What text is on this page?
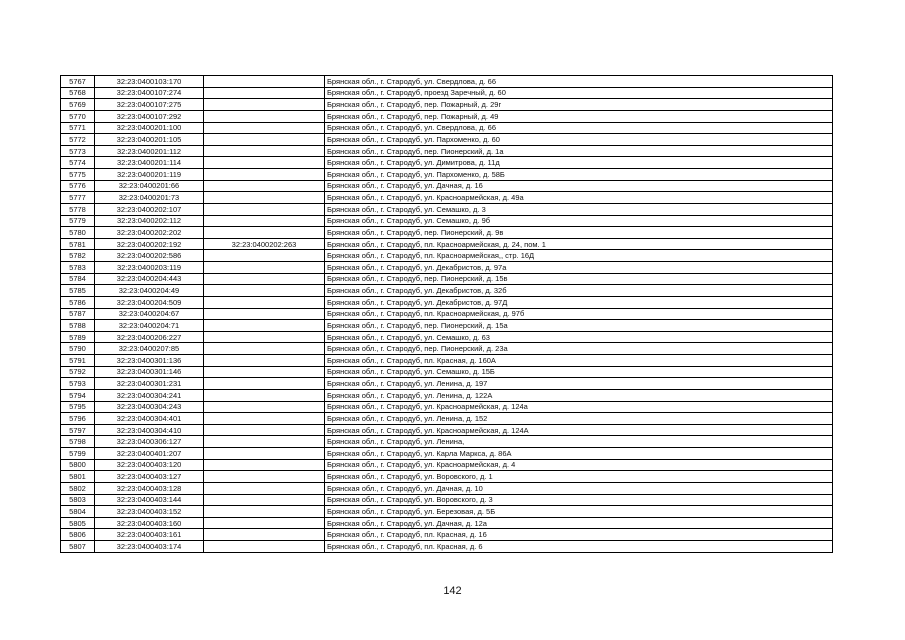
5767	32:23:0400103:170		Брянская обл., г. Стародуб, ул. Свердлова, д. 66
5768	32:23:0400107:274		Брянская обл., г. Стародуб, проезд Заречный, д. 60
5769	32:23:0400107:275		Брянская обл., г. Стародуб, пер. Пожарный, д. 29г
5770	32:23:0400107:292		Брянская обл., г. Стародуб, пер. Пожарный, д. 49
5771	32:23:0400201:100		Брянская обл., г. Стародуб, ул. Свердлова, д. 66
5772	32:23:0400201:105		Брянская обл., г. Стародуб, ул. Пархоменко, д. 60
5773	32:23:0400201:112		Брянская обл., г. Стародуб, пер. Пионерский, д. 1а
5774	32:23:0400201:114		Брянская обл., г. Стародуб, ул. Димитрова, д. 11д
5775	32:23:0400201:119		Брянская обл., г. Стародуб, ул. Пархоменко, д. 58Б
5776	32:23:0400201:66		Брянская обл., г. Стародуб, ул. Дачная, д. 16
5777	32:23:0400201:73		Брянская обл., г. Стародуб, ул. Красноармейская, д. 49а
5778	32:23:0400202:107		Брянская обл., г. Стародуб, ул. Семашко, д. 3
5779	32:23:0400202:112		Брянская обл., г. Стародуб, ул. Семашко, д. 9б
5780	32:23:0400202:202		Брянская обл., г. Стародуб, пер. Пионерский, д. 9в
5781	32:23:0400202:192	32:23:0400202:263	Брянская обл., г. Стародуб, пл. Красноармейская, д. 24, пом. 1
5782	32:23:0400202:586		Брянская обл., г. Стародуб, пл. Красноармейская,, стр. 16Д
5783	32:23:0400203:119		Брянская обл., г. Стародуб, ул. Декабристов, д. 97а
5784	32:23:0400204:443		Брянская обл., г. Стародуб, пер. Пионерский, д. 15в
5785	32:23:0400204:49		Брянская обл., г. Стародуб, ул. Декабристов, д. 32б
5786	32:23:0400204:509		Брянская обл., г. Стародуб, ул. Декабристов, д. 97Д
5787	32:23:0400204:67		Брянская обл., г. Стародуб, пл. Красноармейская, д. 97б
5788	32:23:0400204:71		Брянская обл., г. Стародуб, пер. Пионерский, д. 15а
5789	32:23:0400206:227		Брянская обл., г. Стародуб, ул. Семашко, д. 63
5790	32:23:0400207:85		Брянская обл., г. Стародуб, пер. Пионерский, д. 23а
5791	32:23:0400301:136		Брянская обл., г. Стародуб, пл. Красная, д. 160А
5792	32:23:0400301:146		Брянская обл., г. Стародуб, ул. Семашко, д. 15Б
5793	32:23:0400301:231		Брянская обл., г. Стародуб, ул. Ленина, д. 197
5794	32:23:0400304:241		Брянская обл., г. Стародуб, ул. Ленина, д. 122А
5795	32:23:0400304:243		Брянская обл., г. Стародуб, ул. Красноармейская, д. 124а
5796	32:23:0400304:401		Брянская обл., г. Стародуб, ул. Ленина, д. 152
5797	32:23:0400304:410		Брянская обл., г. Стародуб, ул. Красноармейская, д. 124А
5798	32:23:0400306:127		Брянская обл., г. Стародуб, ул. Ленина,
5799	32:23:0400401:207		Брянская обл., г. Стародуб, ул. Карла Маркса, д. 86А
5800	32:23:0400403:120		Брянская обл., г. Стародуб, ул. Красноармейская, д. 4
5801	32:23:0400403:127		Брянская обл., г. Стародуб, ул. Воровского, д. 1
5802	32:23:0400403:128		Брянская обл., г. Стародуб, ул. Дачная, д. 10
5803	32:23:0400403:144		Брянская обл., г. Стародуб, ул. Воровского, д. 3
5804	32:23:0400403:152		Брянская обл., г. Стародуб, ул. Березовая, д. 5Б
5805	32:23:0400403:160		Брянская обл., г. Стародуб, ул. Дачная, д. 12а
5806	32:23:0400403:161		Брянская обл., г. Стародуб, пл. Красная, д. 16
5807	32:23:0400403:174		Брянская обл., г. Стародуб, пл. Красная, д. 6
142
